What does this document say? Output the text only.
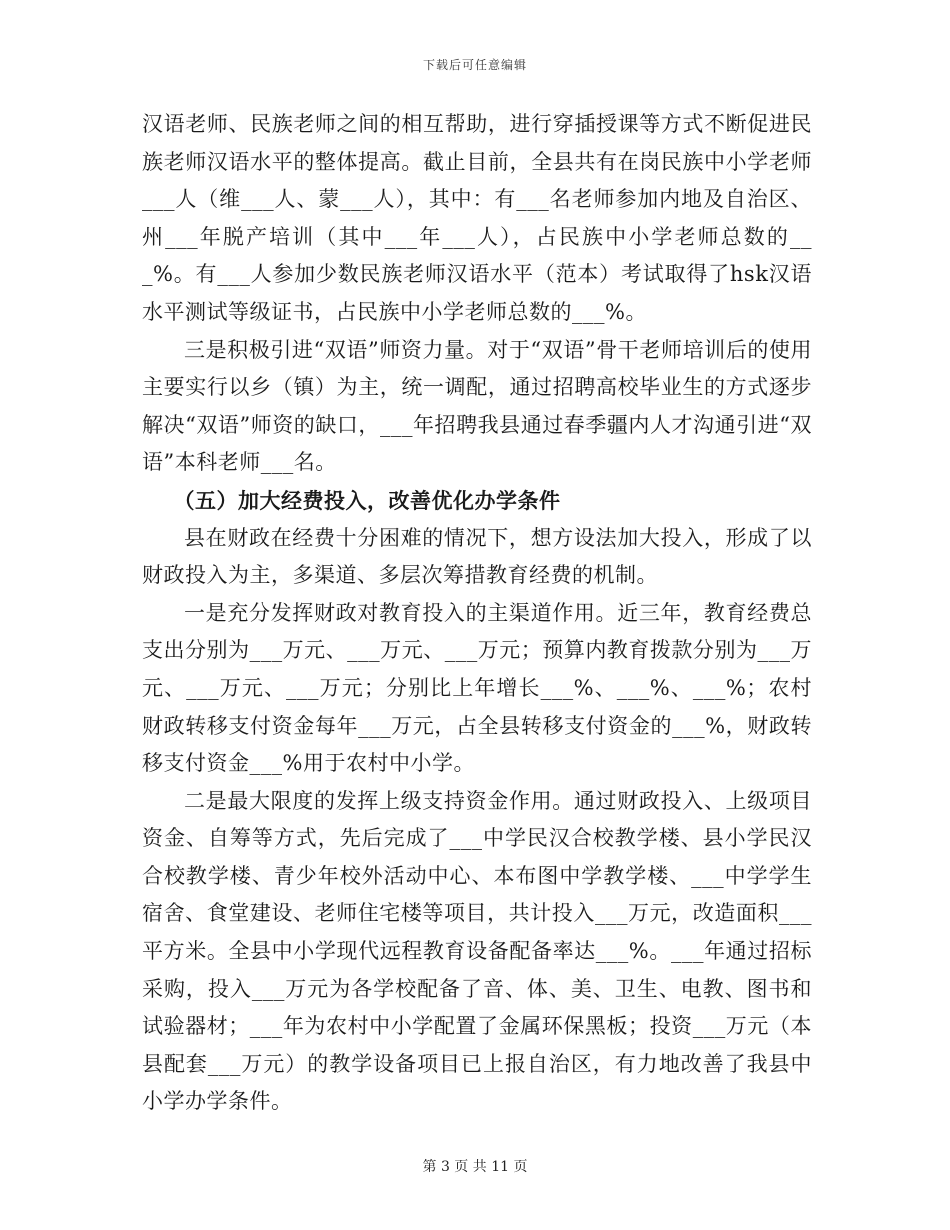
下载后可任意编辑

汉语老师、民族老师之间的相互帮助，进行穿插授课等方式不断促进民族老师汉语水平的整体提高。截止目前，全县共有在岗民族中小学老师___人（维___人、蒙___人），其中：有___名老师参加内地及自治区、州___年脱产培训（其中___年___人），占民族中小学老师总数的___%。有___人参加少数民族老师汉语水平（范本）考试取得了hsk汉语水平测试等级证书，占民族中小学老师总数的___%。

三是积极引进“双语”师资力量。对于“双语”骨干老师培训后的使用主要实行以乡（镇）为主，统一调配，通过招聘高校毕业生的方式逐步解决“双语”师资的缺口，___年招聘我县通过春季疆内人才沟通引进“双语”本科老师___名。

（五）加大经费投入，改善优化办学条件

县在财政在经费十分困难的情况下，想方设法加大投入，形成了以财政投入为主，多渠道、多层次筹措教育经费的机制。

一是充分发挥财政对教育投入的主渠道作用。近三年，教育经费总支出分别为___万元、___万元、___万元；预算内教育拨款分别为___万元、___万元、___万元；分别比上年增长___%、___%、___%；农村财政转移支付资金每年___万元，占全县转移支付资金的___%，财政转移支付资金___%用于农村中小学。

二是最大限度的发挥上级支持资金作用。通过财政投入、上级项目资金、自筹等方式，先后完成了___中学民汉合校教学楼、县小学民汉合校教学楼、青少年校外活动中心、本布图中学教学楼、___中学学生宿舍、食堂建设、老师住宅楼等项目，共计投入___万元，改造面积___平方米。全县中小学现代远程教育设备配备率达___%。___年通过招标采购，投入___万元为各学校配备了音、体、美、卫生、电教、图书和试验器材；___年为农村中小学配置了金属环保黑板；投资___万元（本县配套___万元）的教学设备项目已上报自治区，有力地改善了我县中小学办学条件。

第 3 页 共 11 页
